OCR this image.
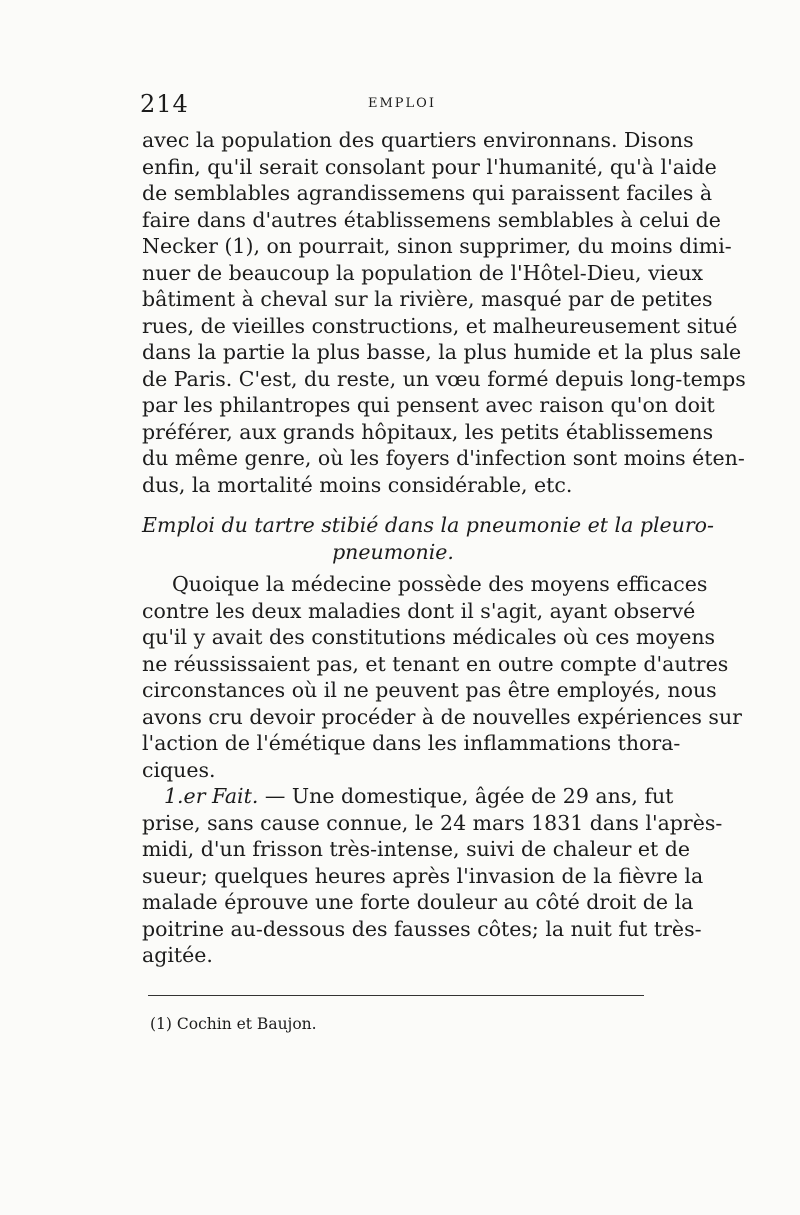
214	EMPLOI
avec la population des quartiers environnans. Disons
enfin, qu'il serait consolant pour l'humanité, qu'à l'aide
de semblables agrandissemens qui paraissent faciles à
faire dans d'autres établissemens semblables à celui de
Necker (1), on pourrait, sinon supprimer, du moins dimi-
nuer de beaucoup la population de l'Hôtel-Dieu, vieux
bâtiment à cheval sur la rivière, masqué par de petites
rues, de vieilles constructions, et malheureusement situé
dans la partie la plus basse, la plus humide et la plus sale
de Paris. C'est, du reste, un vœu formé depuis long-temps
par les philantropes qui pensent avec raison qu'on doit
préférer, aux grands hôpitaux, les petits établissemens
du même genre, où les foyers d'infection sont moins éten-
dus, la mortalité moins considérable, etc.
Emploi du tartre stibié dans la pneumonie et la pleuro-
pneumonie.
Quoique la médecine possède des moyens efficaces
contre les deux maladies dont il s'agit, ayant observé
qu'il y avait des constitutions médicales où ces moyens
ne réussissaient pas, et tenant en outre compte d'autres
circonstances où il ne peuvent pas être employés, nous
avons cru devoir procéder à de nouvelles expériences sur
l'action de l'émétique dans les inflammations thora-
ciques.
1.er Fait. — Une domestique, âgée de 29 ans, fut
prise, sans cause connue, le 24 mars 1831 dans l'après-
midi, d'un frisson très-intense, suivi de chaleur et de
(1) Cochin et Baujon.
sueur; quelques heures après l'invasion de la fièvre la
malade éprouve une forte douleur au côté droit de la
poitrine au-dessous des fausses côtes; la nuit fut très-
agitée.
